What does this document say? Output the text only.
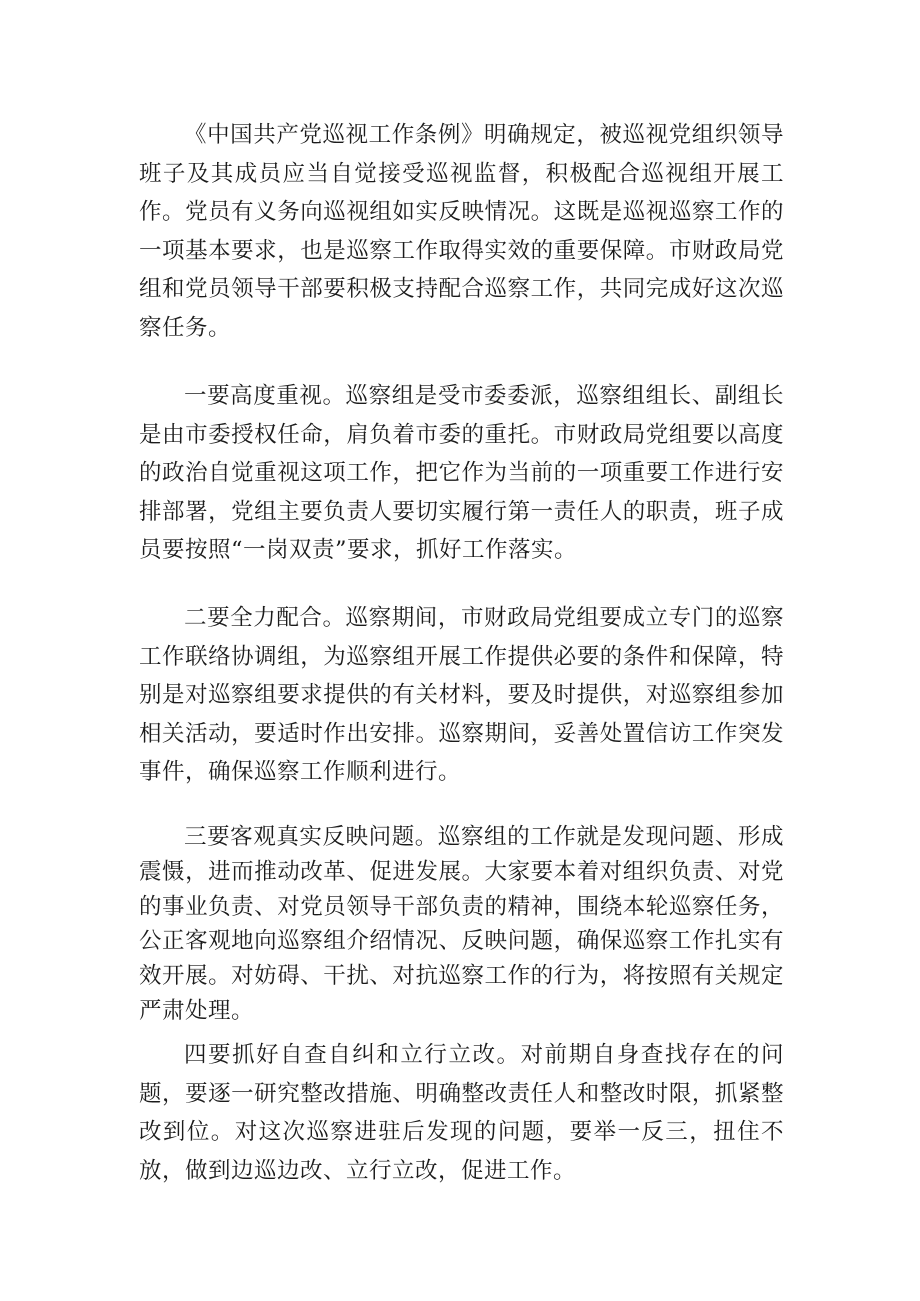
《中国共产党巡视工作条例》明确规定，被巡视党组织领导班子及其成员应当自觉接受巡视监督，积极配合巡视组开展工作。党员有义务向巡视组如实反映情况。这既是巡视巡察工作的一项基本要求，也是巡察工作取得实效的重要保障。市财政局党组和党员领导干部要积极支持配合巡察工作，共同完成好这次巡察任务。

一要高度重视。巡察组是受市委委派，巡察组组长、副组长是由市委授权任命，肩负着市委的重托。市财政局党组要以高度的政治自觉重视这项工作，把它作为当前的一项重要工作进行安排部署，党组主要负责人要切实履行第一责任人的职责，班子成员要按照“一岗双责”要求，抓好工作落实。

二要全力配合。巡察期间，市财政局党组要成立专门的巡察工作联络协调组，为巡察组开展工作提供必要的条件和保障，特别是对巡察组要求提供的有关材料，要及时提供，对巡察组参加相关活动，要适时作出安排。巡察期间，妥善处置信访工作突发事件，确保巡察工作顺利进行。

三要客观真实反映问题。巡察组的工作就是发现问题、形成震慑，进而推动改革、促进发展。大家要本着对组织负责、对党的事业负责、对党员领导干部负责的精神，围绕本轮巡察任务，公正客观地向巡察组介绍情况、反映问题，确保巡察工作扎实有效开展。对妨碍、干扰、对抗巡察工作的行为，将按照有关规定严肃处理。

四要抓好自查自纠和立行立改。对前期自身查找存在的问题，要逐一研究整改措施、明确整改责任人和整改时限，抓紧整改到位。对这次巡察进驻后发现的问题，要举一反三，扭住不放，做到边巡边改、立行立改，促进工作。
